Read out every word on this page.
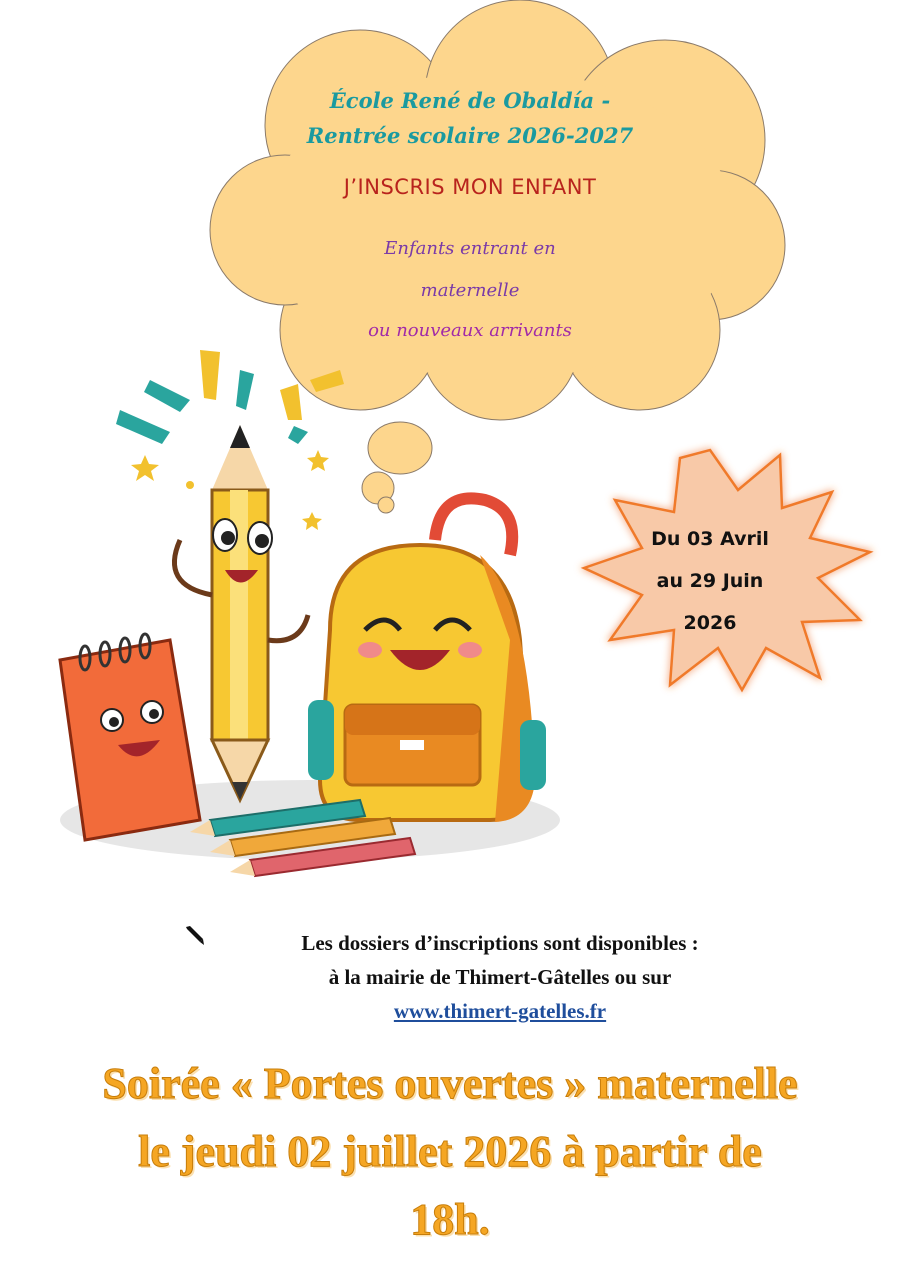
École René de Obaldía -
Rentrée scolaire 2026-2027
J’INSCRIS MON ENFANT
Enfants entrant en
maternelle
ou nouveaux arrivants
Du 03 Avril
au 29 Juin
2026
Les dossiers d’inscriptions sont disponibles :
à la mairie de Thimert-Gâtelles ou sur
www.thimert-gatelles.fr
Soirée « Portes ouvertes » maternelle
le jeudi 02 juillet 2026 à partir de
18h.
